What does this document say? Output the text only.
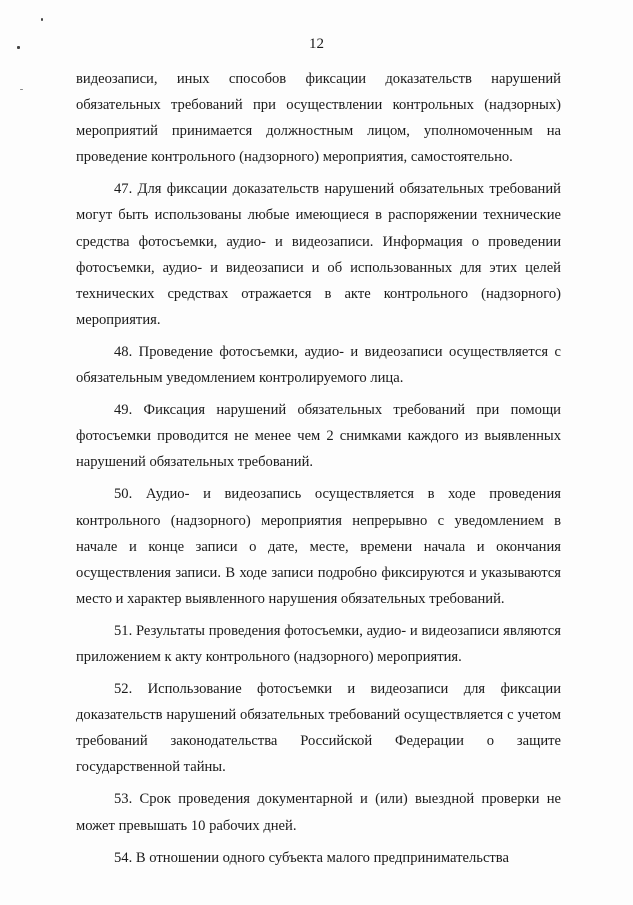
12

видеозаписи, иных способов фиксации доказательств нарушений обязательных требований при осуществлении контрольных (надзорных) мероприятий принимается должностным лицом, уполномоченным на проведение контрольного (надзорного) мероприятия, самостоятельно.

47. Для фиксации доказательств нарушений обязательных требований могут быть использованы любые имеющиеся в распоряжении технические средства фотосъемки, аудио- и видеозаписи. Информация о проведении фотосъемки, аудио- и видеозаписи и об использованных для этих целей технических средствах отражается в акте контрольного (надзорного) мероприятия.

48. Проведение фотосъемки, аудио- и видеозаписи осуществляется с обязательным уведомлением контролируемого лица.

49. Фиксация нарушений обязательных требований при помощи фотосъемки проводится не менее чем 2 снимками каждого из выявленных нарушений обязательных требований.

50. Аудио- и видеозапись осуществляется в ходе проведения контрольного (надзорного) мероприятия непрерывно с уведомлением в начале и конце записи о дате, месте, времени начала и окончания осуществления записи. В ходе записи подробно фиксируются и указываются место и характер выявленного нарушения обязательных требований.

51. Результаты проведения фотосъемки, аудио- и видеозаписи являются приложением к акту контрольного (надзорного) мероприятия.

52. Использование фотосъемки и видеозаписи для фиксации доказательств нарушений обязательных требований осуществляется с учетом требований законодательства Российской Федерации о защите государственной тайны.

53. Срок проведения документарной и (или) выездной проверки не может превышать 10 рабочих дней.

54. В отношении одного субъекта малого предпринимательства
